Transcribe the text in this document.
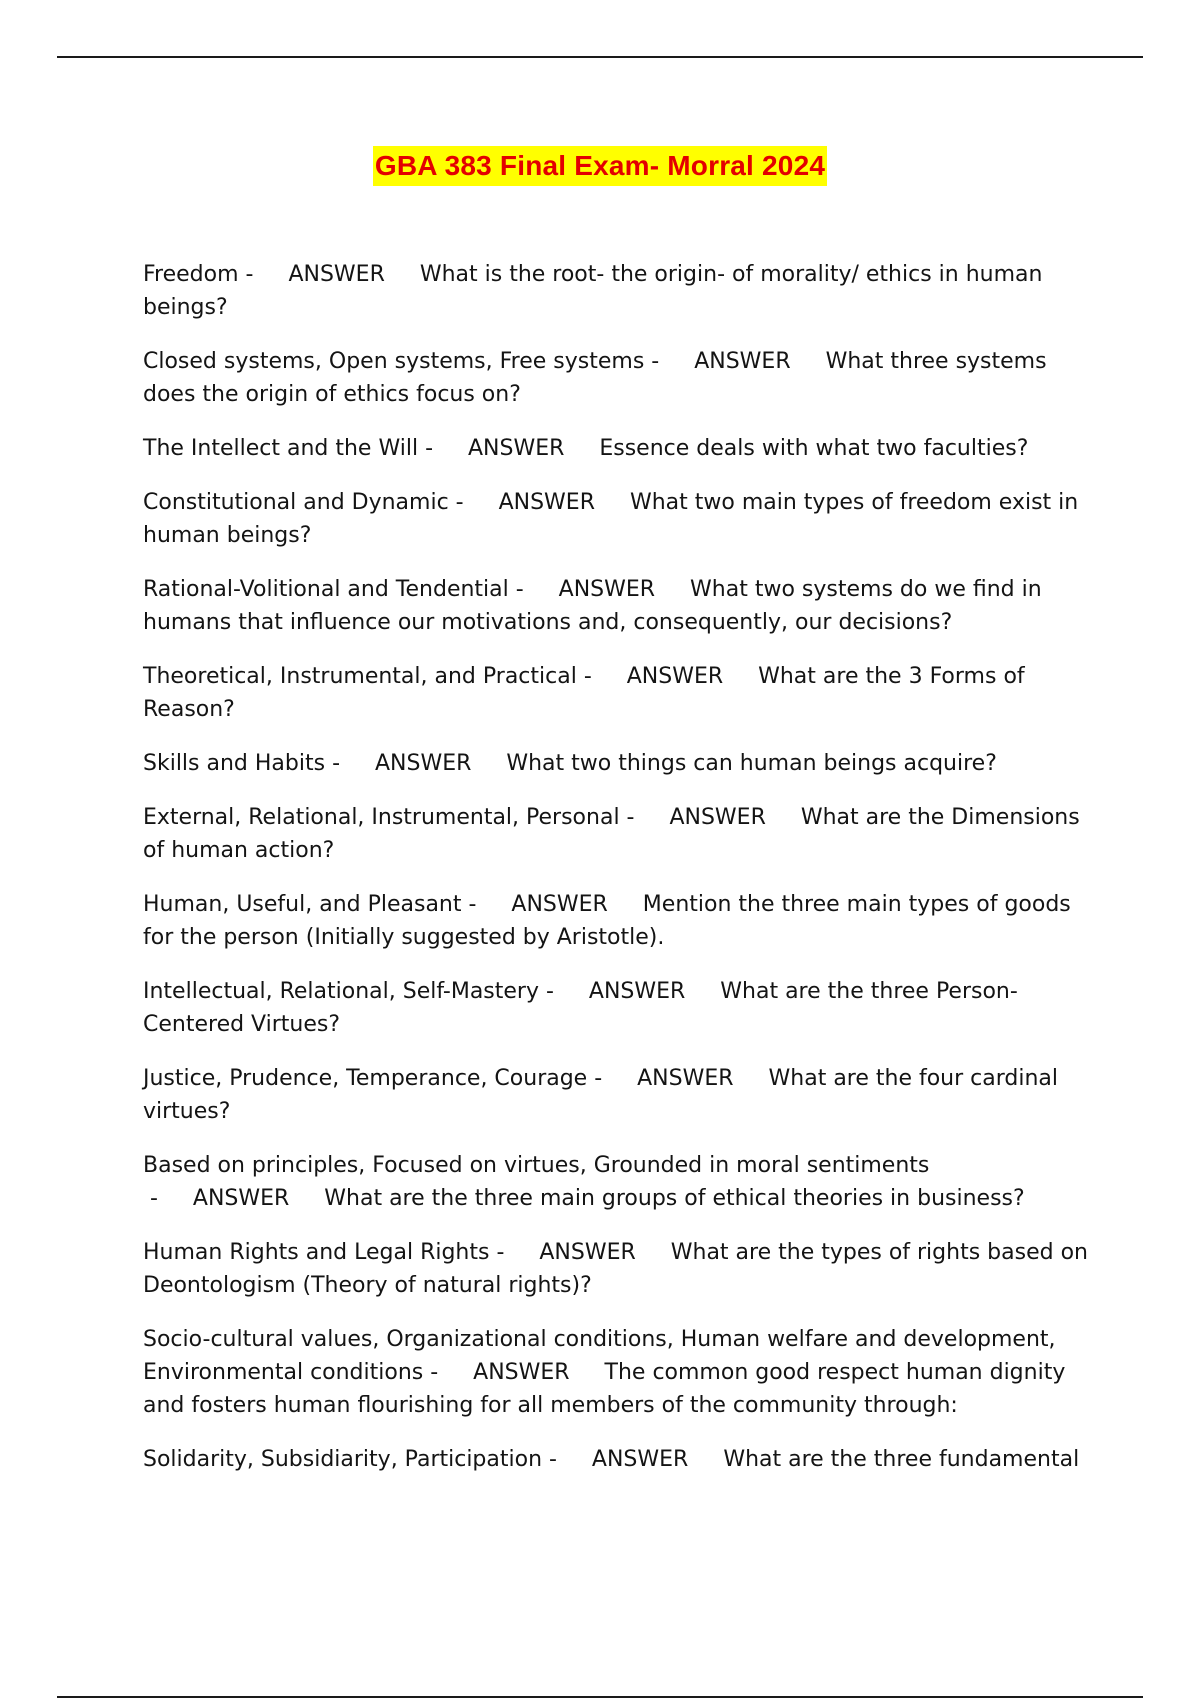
GBA 383 Final Exam- Morral 2024
Freedom -     ANSWER     What is the root- the origin- of morality/ ethics in human beings?
Closed systems, Open systems, Free systems -     ANSWER     What three systems does the origin of ethics focus on?
The Intellect and the Will -     ANSWER     Essence deals with what two faculties?
Constitutional and Dynamic -     ANSWER     What two main types of freedom exist in human beings?
Rational-Volitional and Tendential -     ANSWER     What two systems do we find in humans that influence our motivations and, consequently, our decisions?
Theoretical, Instrumental, and Practical -     ANSWER     What are the 3 Forms of Reason?
Skills and Habits -     ANSWER     What two things can human beings acquire?
External, Relational, Instrumental, Personal -     ANSWER     What are the Dimensions of human action?
Human, Useful, and Pleasant -     ANSWER     Mention the three main types of goods for the person (Initially suggested by Aristotle).
Intellectual, Relational, Self-Mastery -     ANSWER     What are the three Person-Centered Virtues?
Justice, Prudence, Temperance, Courage -     ANSWER     What are the four cardinal virtues?
Based on principles, Focused on virtues, Grounded in moral sentiments -     ANSWER     What are the three main groups of ethical theories in business?
Human Rights and Legal Rights -     ANSWER     What are the types of rights based on Deontologism (Theory of natural rights)?
Socio-cultural values, Organizational conditions, Human welfare and development, Environmental conditions -     ANSWER     The common good respect human dignity and fosters human flourishing for all members of the community through:
Solidarity, Subsidiarity, Participation -     ANSWER     What are the three fundamental
